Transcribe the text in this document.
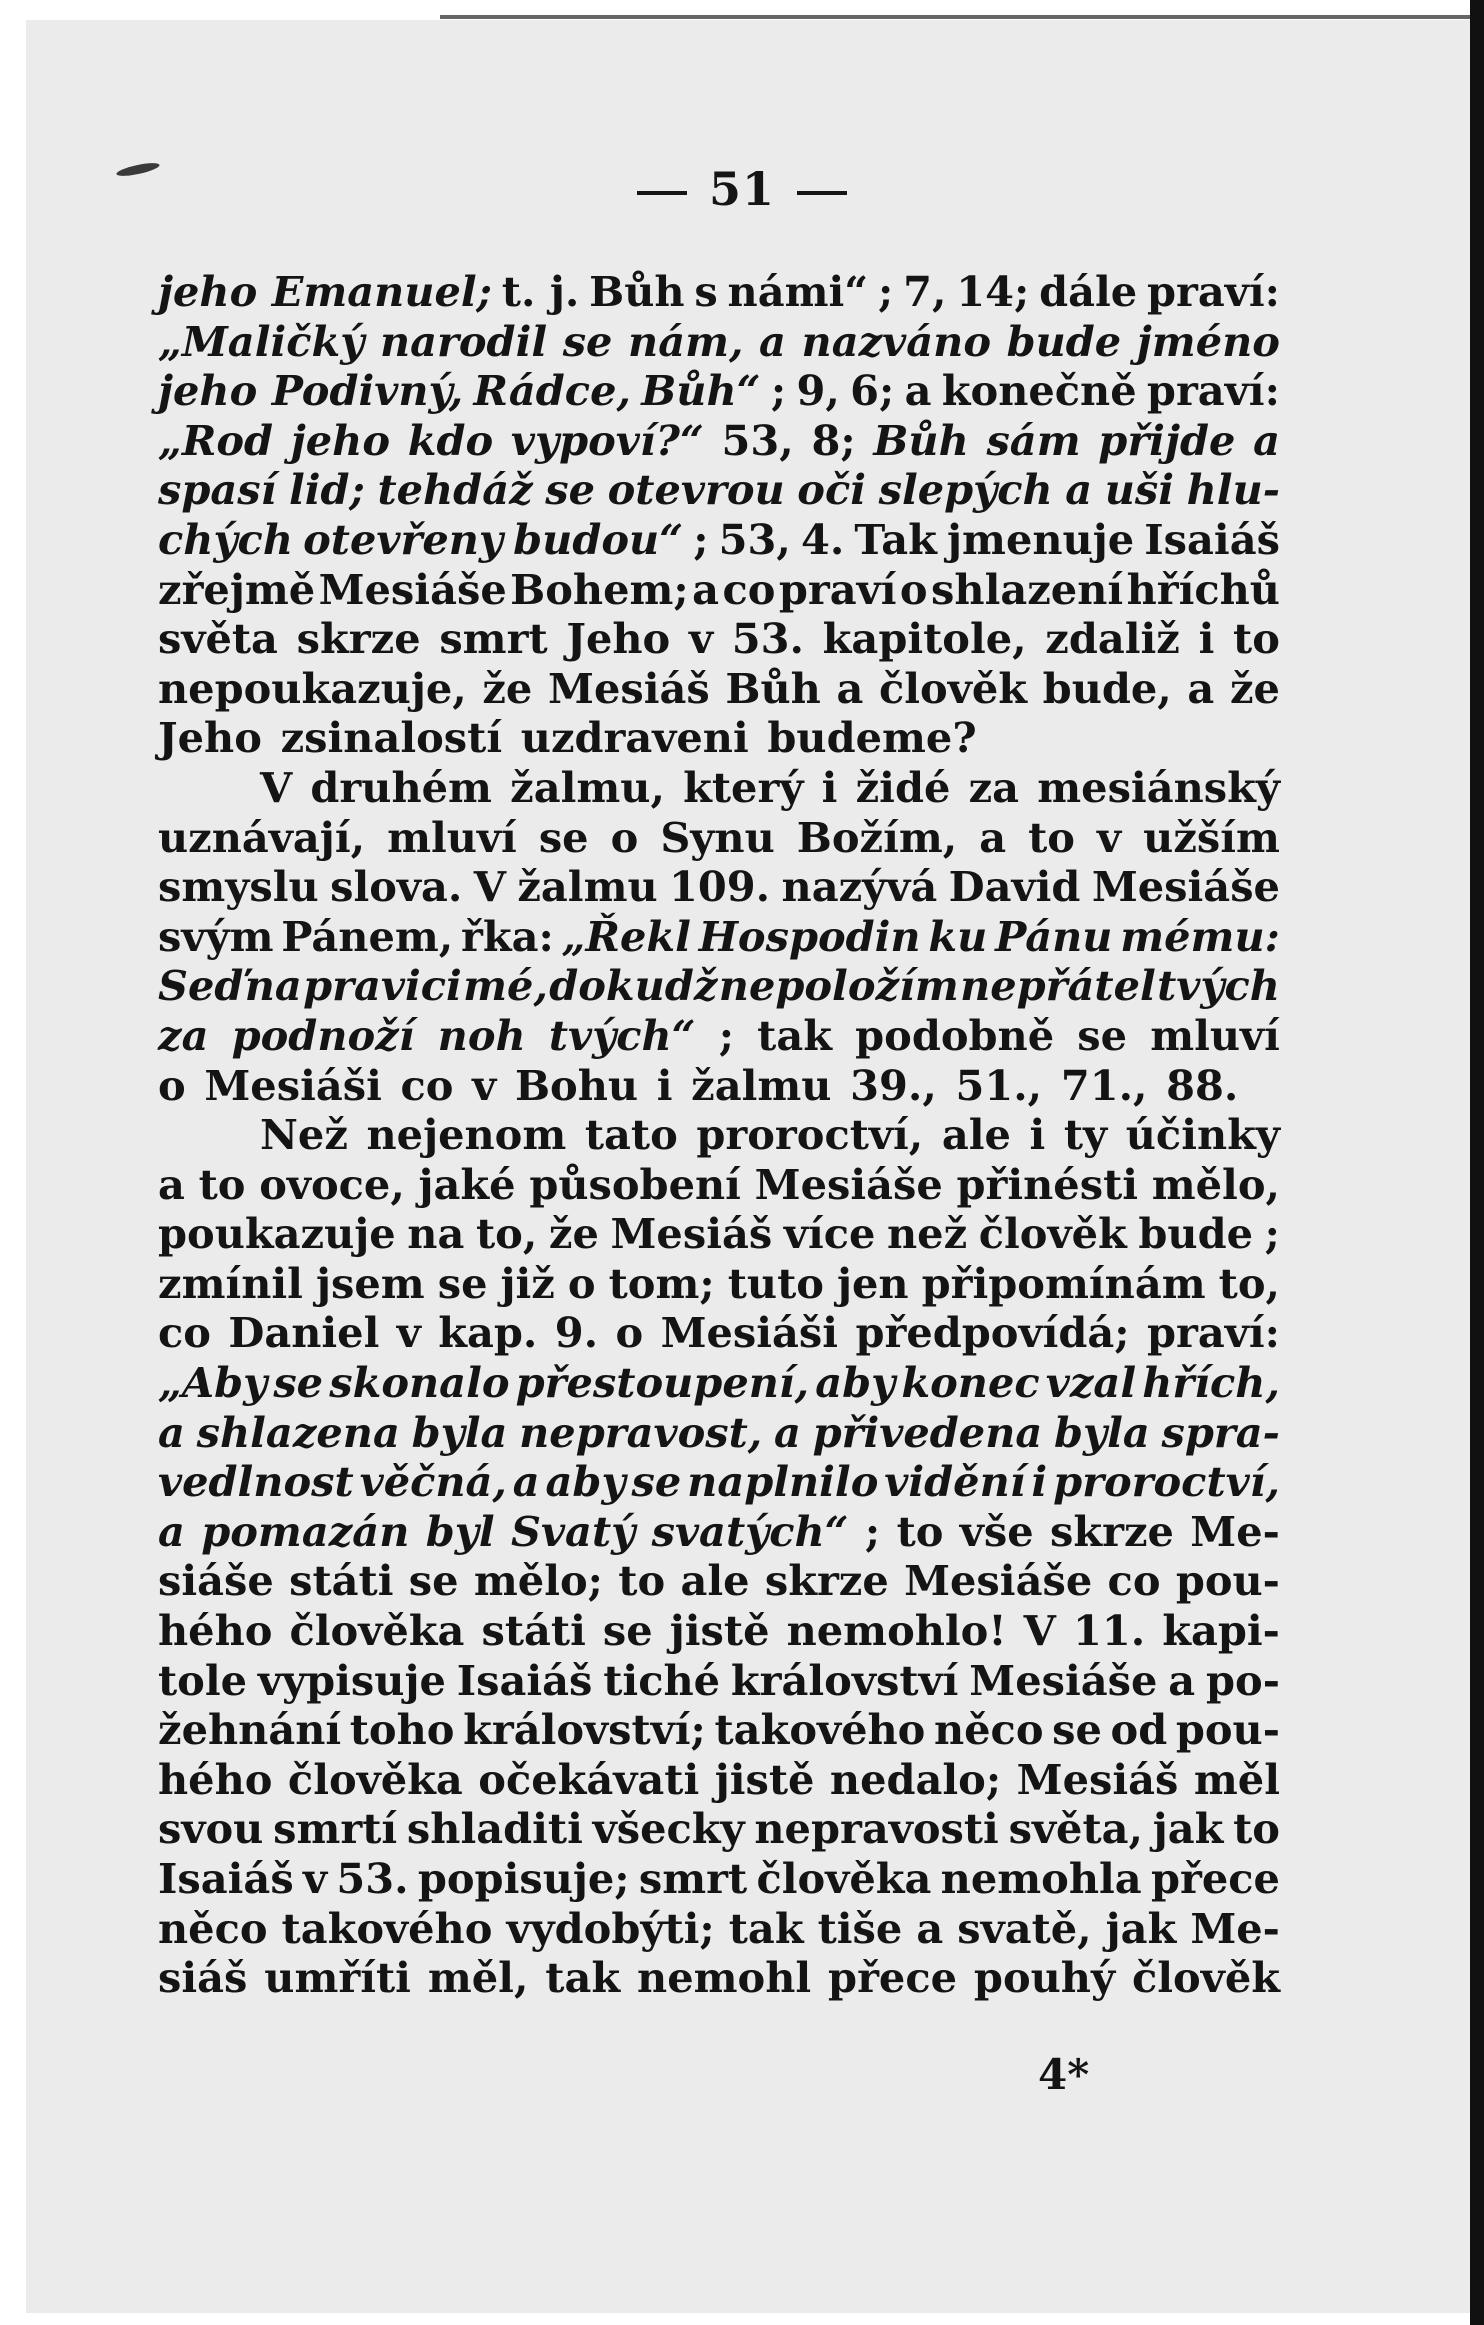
51
jeho Emanuel; t. j. Bůh s námi“ ; 7, 14; dále praví:
„Maličký narodil se nám, a nazváno bude jméno
jeho Podivný, Rádce, Bůh“ ; 9, 6; a konečně praví:
„Rod jeho kdo vypoví?“ 53, 8; Bůh sám přijde a
spasí lid; tehdáž se otevrou oči slepých a uši hlu-
chých otevřeny budou“ ; 53, 4. Tak jmenuje Isaiáš
zřejmě Mesiáše Bohem; a co praví o shlazení hříchů
světa skrze smrt Jeho v 53. kapitole, zdaliž i to
nepoukazuje, že Mesiáš Bůh a člověk bude, a že
Jeho zsinalostí uzdraveni budeme?
V druhém žalmu, který i židé za mesiánský
uznávají, mluví se o Synu Božím, a to v užším
smyslu slova. V žalmu 109. nazývá David Mesiáše
svým Pánem, řka: „Řekl Hospodin ku Pánu mému:
Seď na pravici mé, dokudž nepoložím nepřátel tvých
za podnoží noh tvých“ ; tak podobně se mluví
o Mesiáši co v Bohu i žalmu 39., 51., 71., 88.
Než nejenom tato proroctví, ale i ty účinky
a to ovoce, jaké působení Mesiáše přinésti mělo,
poukazuje na to, že Mesiáš více než člověk bude ;
zmínil jsem se již o tom; tuto jen připomínám to,
co Daniel v kap. 9. o Mesiáši předpovídá; praví:
„Aby se skonalo přestoupení, aby konec vzal hřích,
a shlazena byla nepravost, a přivedena byla spra-
vedlnost věčná, a aby se naplnilo vidění i proroctví,
a pomazán byl Svatý svatých“ ; to vše skrze Me-
siáše státi se mělo; to ale skrze Mesiáše co pou-
hého člověka státi se jistě nemohlo! V 11. kapi-
tole vypisuje Isaiáš tiché království Mesiáše a po-
žehnání toho království; takového něco se od pou-
hého člověka očekávati jistě nedalo; Mesiáš měl
svou smrtí shladiti všecky nepravosti světa, jak to
Isaiáš v 53. popisuje; smrt člověka nemohla přece
něco takového vydobýti; tak tiše a svatě, jak Me-
siáš umříti měl, tak nemohl přece pouhý člověk
4*
